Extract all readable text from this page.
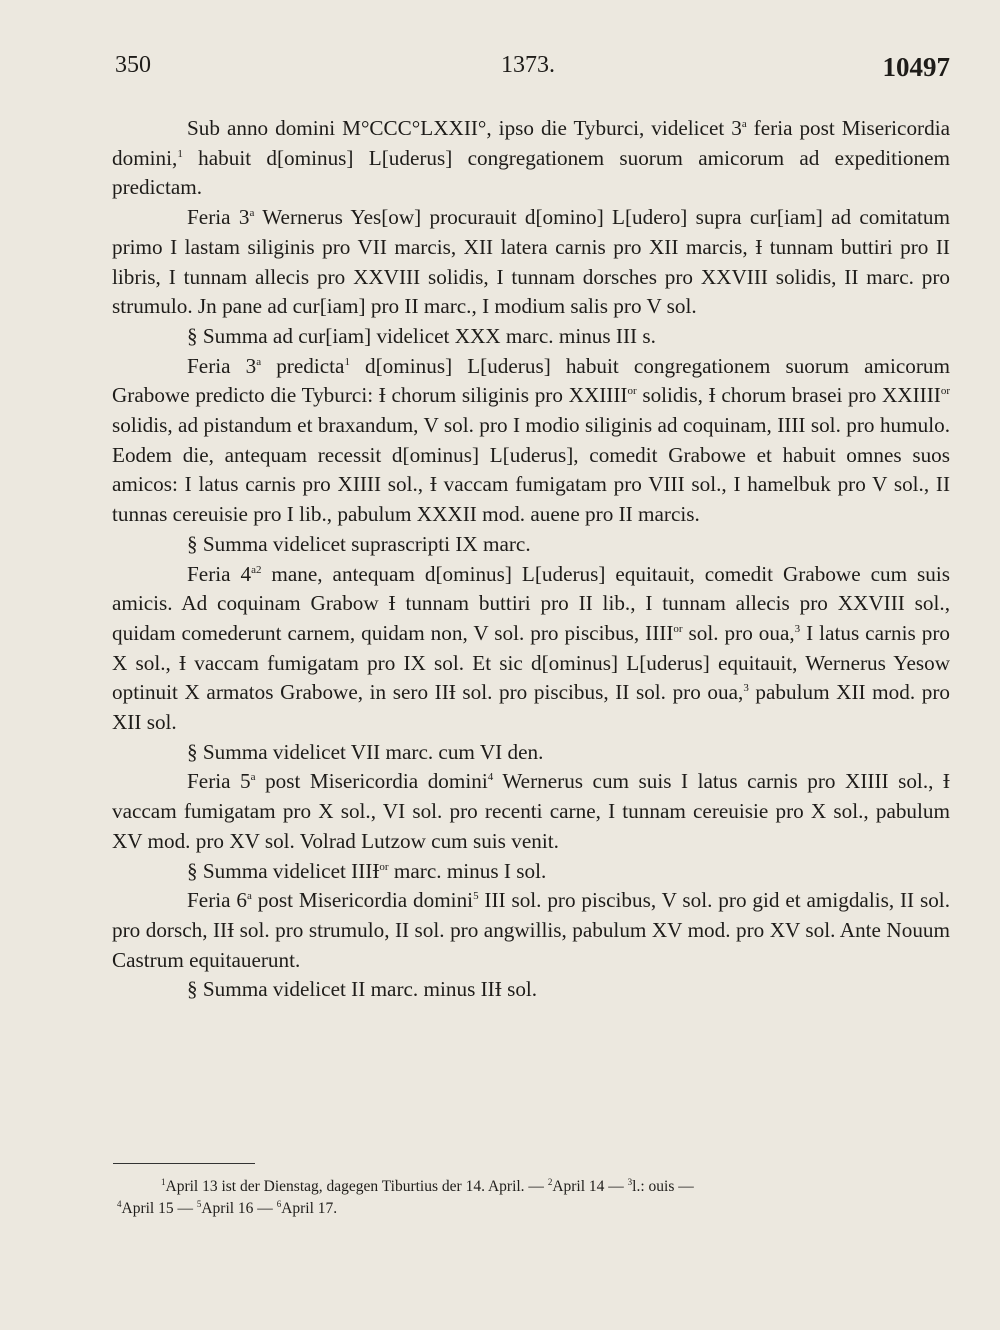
350	1373.	10497

Sub anno domini M°CCC°LXXII°, ipso die Tyburci, videlicet 3$^a$ feria post Misericordia domini,$^1$ habuit d[ominus] L[uderus] congregationem suorum amicorum ad expeditionem predictam.

Feria 3$^a$ Wernerus Yes[ow] procurauit d[omino] L[udero] supra cur[iam] ad comitatum primo I lastam siliginis pro VII marcis, XII latera carnis pro XII marcis, Ɨ tunnam buttiri pro II libris, I tunnam allecis pro XXVIII solidis, I tunnam dorsches pro XXVIII solidis, II marc. pro strumulo. Jn pane ad cur[iam] pro II marc., I modium salis pro V sol.

§ Summa ad cur[iam] videlicet XXX marc. minus III s.

Feria 3$^a$ predicta$^1$ d[ominus] L[uderus] habuit congregationem suorum amicorum Grabowe predicto die Tyburci: Ɨ chorum siliginis pro $XXIIII^{or}$ solidis, Ɨ chorum brasei pro $XXIIII^{or}$ solidis, ad pistandum et braxandum, V sol. pro I modio siliginis ad coquinam, IIII sol. pro humulo. Eodem die, antequam recessit d[ominus] L[uderus], comedit Grabowe et habuit omnes suos amicos: I latus carnis pro XIIII sol., Ɨ vaccam fumigatam pro VIII sol., I hamelbuk pro V sol., II tunnas cereuisie pro I lib., pabulum XXXII mod. auene pro II marcis.

§ Summa videlicet suprascripti IX marc.

Feria $4^{a2}$ mane, antequam d[ominus] L[uderus] equitauit, comedit Grabowe cum suis amicis. Ad coquinam Grabow Ɨ tunnam buttiri pro II lib., I tunnam allecis pro XXVIII sol., quidam comederunt carnem, quidam non, V sol. pro piscibus, $IIII^{or}$ sol. pro oua,$^3$ I latus carnis pro X sol., Ɨ vaccam fumigatam pro IX sol. Et sic d[ominus] L[uderus] equitauit, Wernerus Yesow optinuit X armatos Grabowe, in sero IIƗ sol. pro piscibus, II sol. pro oua,$^3$ pabulum XII mod. pro XII sol.

§ Summa videlicet VII marc. cum VI den.

Feria 5$^a$ post Misericordia domini$^4$ Wernerus cum suis I latus carnis pro XIIII sol., Ɨ vaccam fumigatam pro X sol., VI sol. pro recenti carne, I tunnam cereuisie pro X sol., pabulum XV mod. pro XV sol. Volrad Lutzow cum suis venit.

§ Summa videlicet $IIIƗ^{or}$ marc. minus I sol.

Feria 6$^a$ post Misericordia domini$^5$ III sol. pro piscibus, V sol. pro gid et amigdalis, II sol. pro dorsch, IIƗ sol. pro strumulo, II sol. pro angwillis, pabulum XV mod. pro XV sol. Ante Nouum Castrum equitauerunt.

§ Summa videlicet II marc. minus IIƗ sol.

$^1$April 13 ist der Dienstag, dagegen Tiburtius der 14. April. — $^2$April 14 — $^3$l.: ouis —
$^4$April 15 — $^5$April 16 — $^6$April 17.
